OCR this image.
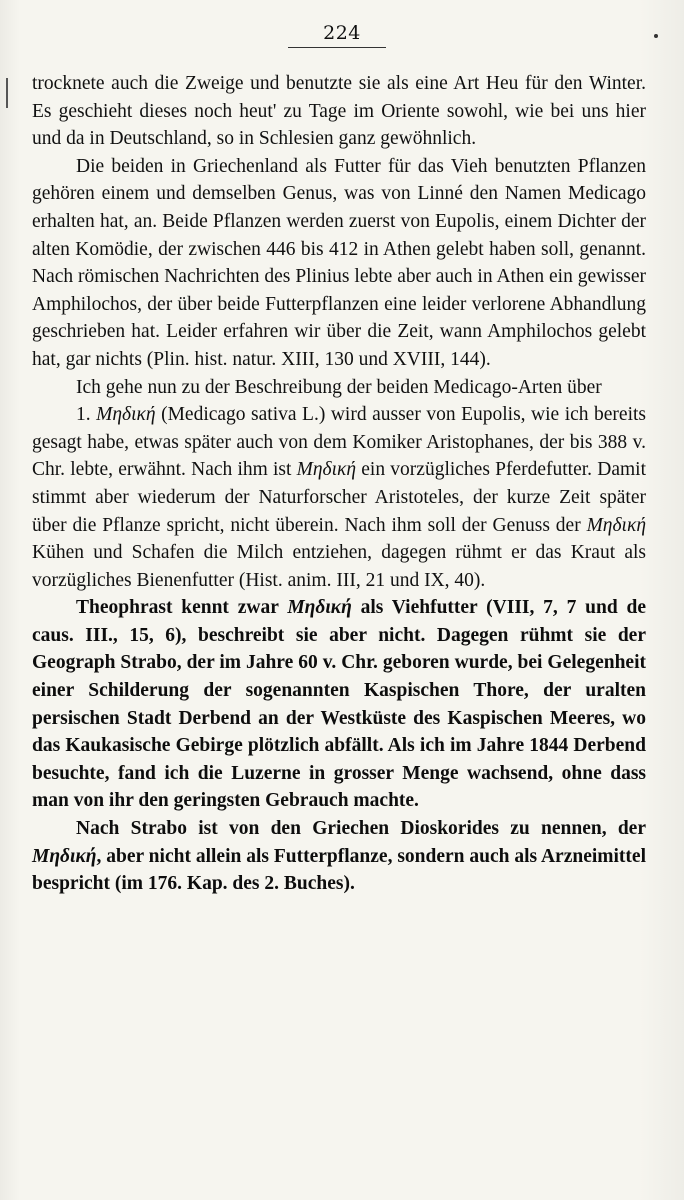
224

trocknete auch die Zweige und benutzte sie als eine Art Heu für den Winter. Es geschieht dieses noch heut' zu Tage im Oriente sowohl, wie bei uns hier und da in Deutschland, so in Schlesien ganz gewöhnlich.

Die beiden in Griechenland als Futter für das Vieh benutzten Pflanzen gehören einem und demselben Genus, was von Linné den Namen Medicago erhalten hat, an. Beide Pflanzen werden zuerst von Eupolis, einem Dichter der alten Komödie, der zwischen 446 bis 412 in Athen gelebt haben soll, genannt. Nach römischen Nachrichten des Plinius lebte aber auch in Athen ein gewisser Amphilochos, der über beide Futterpflanzen eine leider verlorene Abhandlung geschrieben hat. Leider erfahren wir über die Zeit, wann Amphilochos gelebt hat, gar nichts (Plin. hist. natur. XIII, 130 und XVIII, 144).

Ich gehe nun zu der Beschreibung der beiden Medicago-Arten über

1. Μηδική (Medicago sativa L.) wird ausser von Eupolis, wie ich bereits gesagt habe, etwas später auch von dem Komiker Aristophanes, der bis 388 v. Chr. lebte, erwähnt. Nach ihm ist Μηδική ein vorzügliches Pferdefutter. Damit stimmt aber wiederum der Naturforscher Aristoteles, der kurze Zeit später über die Pflanze spricht, nicht überein. Nach ihm soll der Genuss der Μηδική Kühen und Schafen die Milch entziehen, dagegen rühmt er das Kraut als vorzügliches Bienenfutter (Hist. anim. III, 21 und IX, 40).

Theophrast kennt zwar Μηδική als Viehfutter (VIII, 7, 7 und de caus. III., 15, 6), beschreibt sie aber nicht. Dagegen rühmt sie der Geograph Strabo, der im Jahre 60 v. Chr. geboren wurde, bei Gelegenheit einer Schilderung der sogenannten Kaspischen Thore, der uralten persischen Stadt Derbend an der Westküste des Kaspischen Meeres, wo das Kaukasische Gebirge plötzlich abfällt. Als ich im Jahre 1844 Derbend besuchte, fand ich die Luzerne in grosser Menge wachsend, ohne dass man von ihr den geringsten Gebrauch machte.

Nach Strabo ist von den Griechen Dioskorides zu nennen, der Μηδική, aber nicht allein als Futterpflanze, sondern auch als Arzneimittel bespricht (im 176. Kap. des 2. Buches).
